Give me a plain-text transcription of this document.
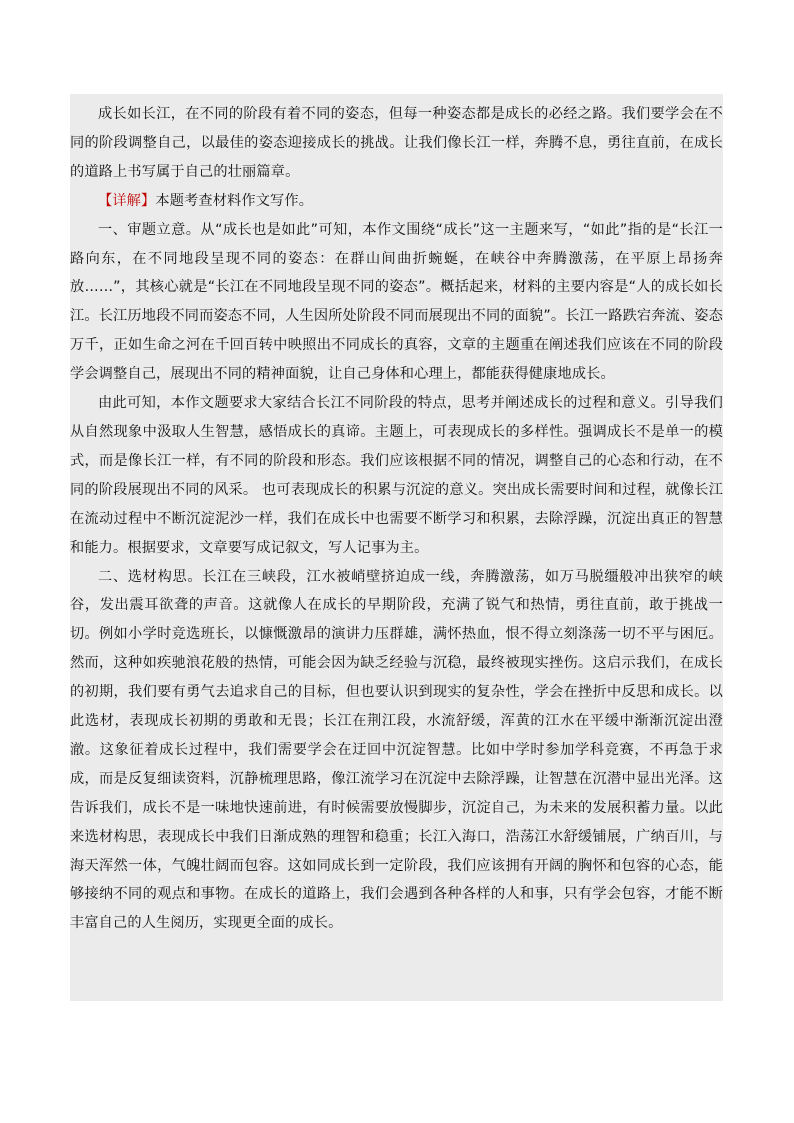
成长如长江，在不同的阶段有着不同的姿态，但每一种姿态都是成长的必经之路。我们要学会在不同的阶段调整自己，以最佳的姿态迎接成长的挑战。让我们像长江一样，奔腾不息，勇往直前，在成长的道路上书写属于自己的壮丽篇章。

【详解】本题考查材料作文写作。

一、审题立意。从“成长也是如此”可知，本作文围绕“成长”这一主题来写，“如此”指的是“长江一路向东，在不同地段呈现不同的姿态：在群山间曲折蜿蜒，在峡谷中奔腾激荡，在平原上昂扬奔放……”，其核心就是“长江在不同地段呈现不同的姿态”。概括起来，材料的主要内容是“人的成长如长江。长江历地段不同而姿态不同，人生因所处阶段不同而展现出不同的面貌”。长江一路跌宕奔流、姿态万千，正如生命之河在千回百转中映照出不同成长的真容，文章的主题重在阐述我们应该在不同的阶段学会调整自己，展现出不同的精神面貌，让自己身体和心理上，都能获得健康地成长。

由此可知，本作文题要求大家结合长江不同阶段的特点，思考并阐述成长的过程和意义。引导我们从自然现象中汲取人生智慧，感悟成长的真谛。主题上，可表现成长的多样性。强调成长不是单一的模式，而是像长江一样，有不同的阶段和形态。我们应该根据不同的情况，调整自己的心态和行动，在不同的阶段展现出不同的风采。 也可表现成长的积累与沉淀的意义。突出成长需要时间和过程，就像长江在流动过程中不断沉淀泥沙一样，我们在成长中也需要不断学习和积累，去除浮躁，沉淀出真正的智慧和能力。根据要求，文章要写成记叙文，写人记事为主。

二、选材构思。长江在三峡段，江水被峭壁挤迫成一线，奔腾激荡，如万马脱缰般冲出狭窄的峡谷，发出震耳欲聋的声音。这就像人在成长的早期阶段，充满了锐气和热情，勇往直前，敢于挑战一切。例如小学时竞选班长，以慷慨激昂的演讲力压群雄，满怀热血，恨不得立刻涤荡一切不平与困厄。然而，这种如疾驰浪花般的热情，可能会因为缺乏经验与沉稳，最终被现实挫伤。这启示我们，在成长的初期，我们要有勇气去追求自己的目标，但也要认识到现实的复杂性，学会在挫折中反思和成长。以此选材，表现成长初期的勇敢和无畏；长江在荆江段，水流舒缓，浑黄的江水在平缓中渐渐沉淀出澄澈。这象征着成长过程中，我们需要学会在迂回中沉淀智慧。比如中学时参加学科竞赛，不再急于求成，而是反复细读资料，沉静梳理思路，像江流学习在沉淀中去除浮躁，让智慧在沉潜中显出光泽。这告诉我们，成长不是一味地快速前进，有时候需要放慢脚步，沉淀自己，为未来的发展积蓄力量。以此来选材构思，表现成长中我们日渐成熟的理智和稳重；长江入海口，浩荡江水舒缓铺展，广纳百川，与海天浑然一体，气魄壮阔而包容。这如同成长到一定阶段，我们应该拥有开阔的胸怀和包容的心态，能够接纳不同的观点和事物。在成长的道路上，我们会遇到各种各样的人和事，只有学会包容，才能不断丰富自己的人生阅历，实现更全面的成长。
